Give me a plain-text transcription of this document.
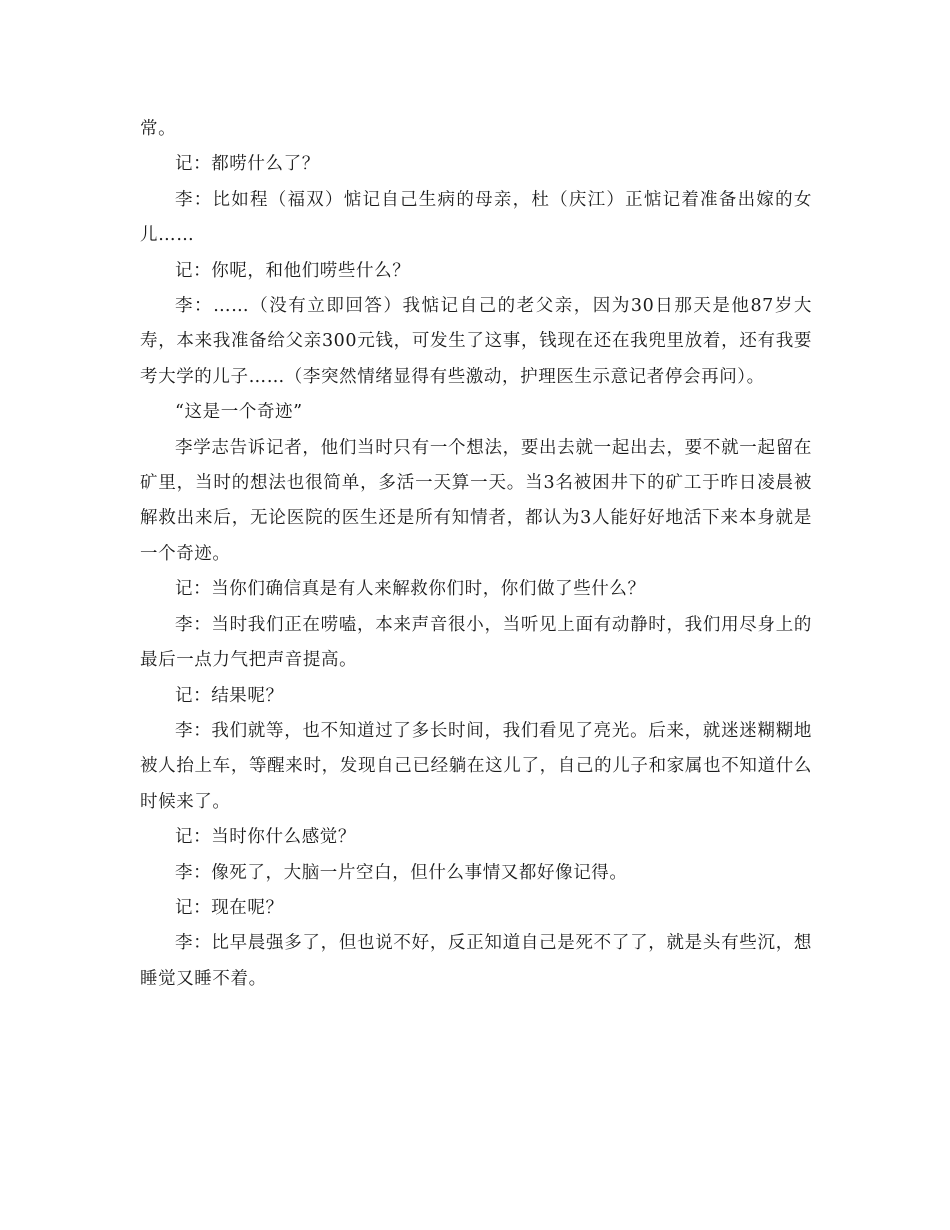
常。

记：都唠什么了？

李：比如程（福双）惦记自己生病的母亲，杜（庆江）正惦记着准备出嫁的女儿……

记：你呢，和他们唠些什么？

李：……（没有立即回答）我惦记自己的老父亲，因为30日那天是他87岁大寿，本来我准备给父亲300元钱，可发生了这事，钱现在还在我兜里放着，还有我要考大学的儿子……（李突然情绪显得有些激动，护理医生示意记者停会再问）。

“这是一个奇迹”

李学志告诉记者，他们当时只有一个想法，要出去就一起出去，要不就一起留在矿里，当时的想法也很简单，多活一天算一天。当3名被困井下的矿工于昨日凌晨被解救出来后，无论医院的医生还是所有知情者，都认为3人能好好地活下来本身就是一个奇迹。

记：当你们确信真是有人来解救你们时，你们做了些什么？

李：当时我们正在唠嗑，本来声音很小，当听见上面有动静时，我们用尽身上的最后一点力气把声音提高。

记：结果呢？

李：我们就等，也不知道过了多长时间，我们看见了亮光。后来，就迷迷糊糊地被人抬上车，等醒来时，发现自己已经躺在这儿了，自己的儿子和家属也不知道什么时候来了。

记：当时你什么感觉？

李：像死了，大脑一片空白，但什么事情又都好像记得。

记：现在呢？

李：比早晨强多了，但也说不好，反正知道自己是死不了了，就是头有些沉，想睡觉又睡不着。
